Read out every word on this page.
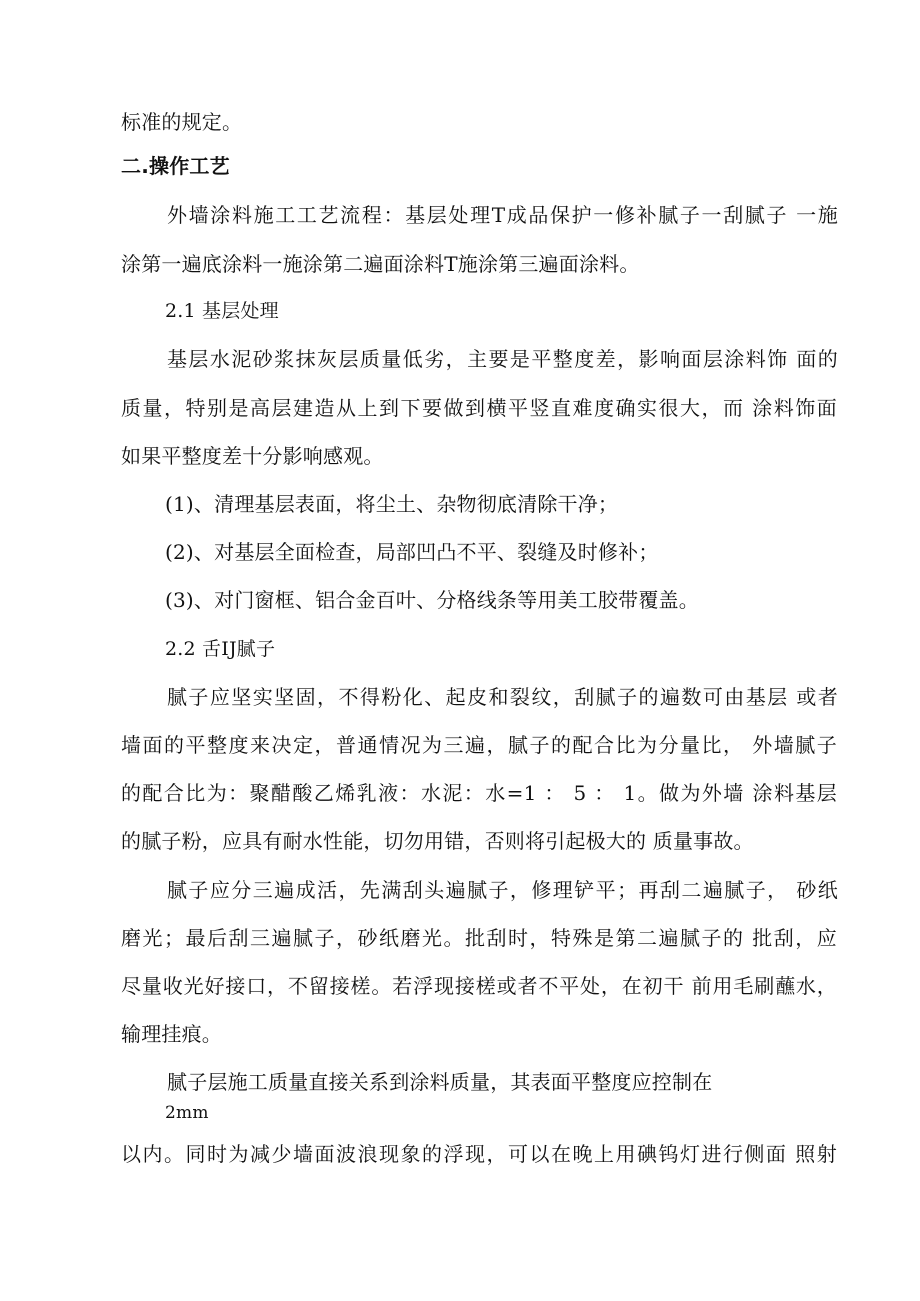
标准的规定。
二.操作工艺
外墙涂料施工工艺流程：基层处理T成品保护一修补腻子一刮腻子 一施
涂第一遍底涂料一施涂第二遍面涂料T施涂第三遍面涂料。
2.1 基层处理
基层水泥砂浆抹灰层质量低劣，主要是平整度差，影响面层涂料饰 面的
质量，特别是高层建造从上到下要做到横平竖直难度确实很大，而 涂料饰面
如果平整度差十分影响感观。
(1)、清理基层表面，将尘土、杂物彻底清除干净；
(2)、对基层全面检查，局部凹凸不平、裂缝及时修补；
(3)、对门窗框、铝合金百叶、分格线条等用美工胶带覆盖。
2.2 舌IJ腻子
腻子应坚实坚固，不得粉化、起皮和裂纹，刮腻子的遍数可由基层 或者
墙面的平整度来决定，普通情况为三遍，腻子的配合比为分量比， 外墙腻子
的配合比为：聚醋酸乙烯乳液：水泥：水=1 ： 5 ： 1。做为外墙 涂料基层
的腻子粉，应具有耐水性能，切勿用错，否则将引起极大的 质量事故。
腻子应分三遍成活，先满刮头遍腻子，修理铲平；再刮二遍腻子， 砂纸
磨光；最后刮三遍腻子，砂纸磨光。批刮时，特殊是第二遍腻子的 批刮，应
尽量收光好接口，不留接槎。若浮现接槎或者不平处，在初干 前用毛刷蘸水，
输理挂痕。
腻子层施工质量直接关系到涂料质量，其表面平整度应控制在
2mm
以内。同时为减少墙面波浪现象的浮现，可以在晚上用碘钨灯进行侧面 照射
